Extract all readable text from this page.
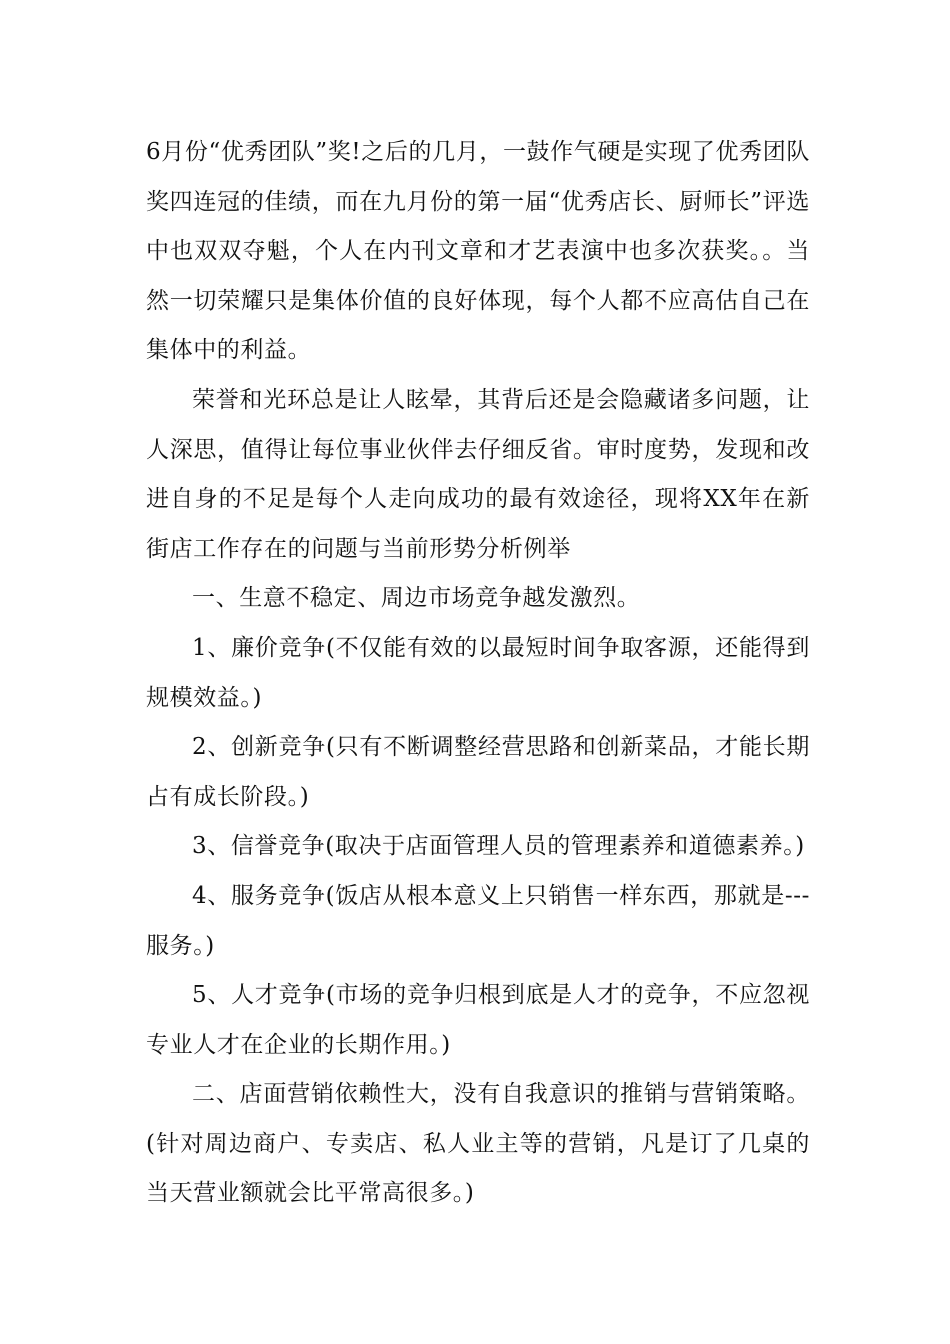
6月份“优秀团队”奖!之后的几月，一鼓作气硬是实现了优秀团队奖四连冠的佳绩，而在九月份的第一届“优秀店长、厨师长”评选中也双双夺魁，个人在内刊文章和才艺表演中也多次获奖。。当然一切荣耀只是集体价值的良好体现，每个人都不应高估自己在集体中的利益。

荣誉和光环总是让人眩晕，其背后还是会隐藏诸多问题，让人深思，值得让每位事业伙伴去仔细反省。审时度势，发现和改进自身的不足是每个人走向成功的最有效途径，现将XX年在新街店工作存在的问题与当前形势分析例举

一、生意不稳定、周边市场竞争越发激烈。

1、廉价竞争(不仅能有效的以最短时间争取客源，还能得到规模效益。)

2、创新竞争(只有不断调整经营思路和创新菜品，才能长期占有成长阶段。)

3、信誉竞争(取决于店面管理人员的管理素养和道德素养。)

4、服务竞争(饭店从根本意义上只销售一样东西，那就是---服务。)

5、人才竞争(市场的竞争归根到底是人才的竞争，不应忽视专业人才在企业的长期作用。)

二、店面营销依赖性大，没有自我意识的推销与营销策略。(针对周边商户、专卖店、私人业主等的营销，凡是订了几桌的当天营业额就会比平常高很多。)
